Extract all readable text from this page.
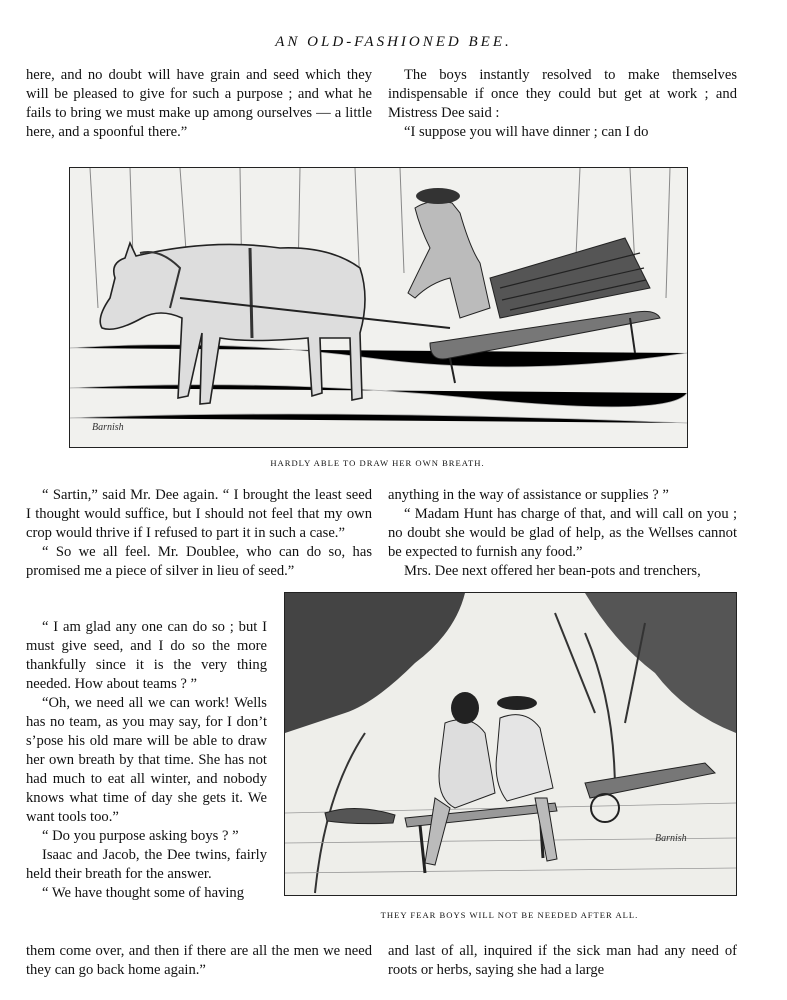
AN OLD-FASHIONED BEE.

here, and no doubt will have grain and seed which they will be pleased to give for such a purpose ; and what he fails to bring we must make up among ourselves — a little here, and a spoonful there.”

The boys instantly resolved to make themselves indispensable if once they could but get at work ; and Mistress Dee said :

“I suppose you will have dinner ; can I do

Barnish
HARDLY ABLE TO DRAW HER OWN BREATH.

“ Sartin,” said Mr. Dee again. “ I brought the least seed I thought would suffice, but I should not feel that my own crop would thrive if I refused to part it in such a case.”

“ So we all feel. Mr. Doublee, who can do so, has promised me a piece of silver in lieu of seed.”

“ I am glad any one can do so ; but I must give seed, and I do so the more thankfully since it is the very thing needed. How about teams ? ”

“Oh, we need all we can work! Wells has no team, as you may say, for I don’t s’pose his old mare will be able to draw her own breath by that time. She has not had much to eat all winter, and nobody knows what time of day she gets it. We want tools too.”

“ Do you purpose asking boys ? ”

Isaac and Jacob, the Dee twins, fairly held their breath for the answer.

“ We have thought some of having

them come over, and then if there are all the men we need they can go back home again.”

anything in the way of assistance or supplies ? ”

“ Madam Hunt has charge of that, and will call on you ; no doubt she would be glad of help, as the Wellses cannot be expected to furnish any food.”

Mrs. Dee next offered her bean-pots and trenchers,

Barnish
THEY FEAR BOYS WILL NOT BE NEEDED AFTER ALL.

and last of all, inquired if the sick man had any need of roots or herbs, saying she had a large
